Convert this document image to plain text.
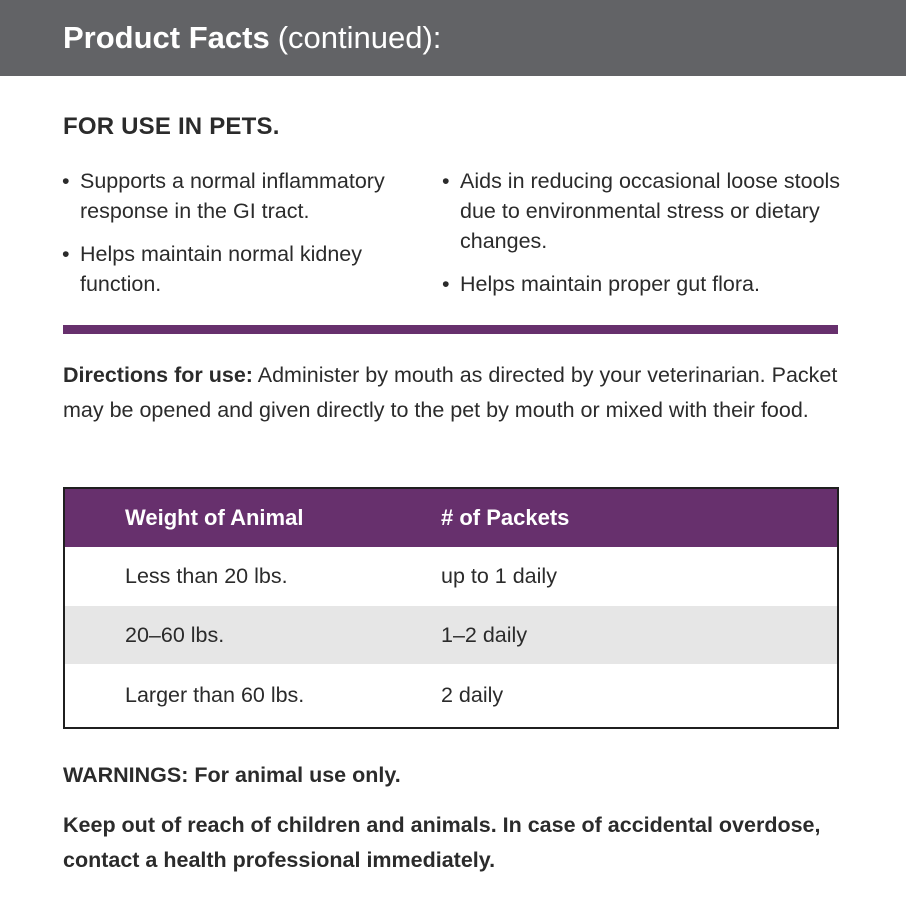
Product Facts (continued):
FOR USE IN PETS.
• Supports a normal inflammatory response in the GI tract.
• Helps maintain normal kidney function.
• Aids in reducing occasional loose stools due to environmental stress or dietary changes.
• Helps maintain proper gut flora.

Directions for use: Administer by mouth as directed by your veterinarian. Packet may be opened and given directly to the pet by mouth or mixed with their food.

Weight of Animal	# of Packets
Less than 20 lbs.	up to 1 daily
20–60 lbs.	1–2 daily
Larger than 60 lbs.	2 daily
WARNINGS: For animal use only.

Keep out of reach of children and animals. In case of accidental overdose, contact a health professional immediately.
